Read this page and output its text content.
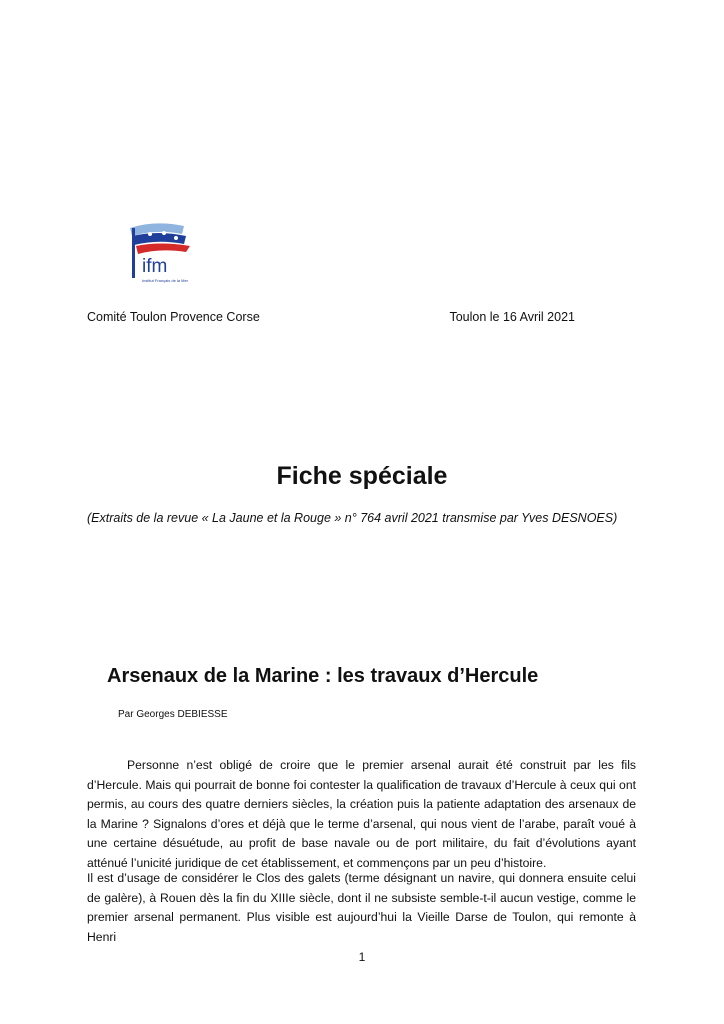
ifm
Institut Français de la Mer
Comité Toulon Provence Corse	Toulon le 16 Avril 2021
Fiche spéciale
(Extraits de la revue « La Jaune et la Rouge » n° 764 avril 2021 transmise par Yves DESNOES)
Arsenaux de la Marine : les travaux d’Hercule
Par Georges DEBIESSE
Personne n’est obligé de croire que le premier arsenal aurait été construit par les fils d’Hercule. Mais qui pourrait de bonne foi contester la qualification de travaux d’Hercule à ceux qui ont permis, au cours des quatre derniers siècles, la création puis la patiente adaptation des arsenaux de la Marine ? Signalons d’ores et déjà que le terme d’arsenal, qui nous vient de l’arabe, paraît voué à une certaine désuétude, au profit de base navale ou de port militaire, du fait d’évolutions ayant atténué l’unicité juridique de cet établissement, et commençons par un peu d’histoire.
Il est d’usage de considérer le Clos des galets (terme désignant un navire, qui donnera ensuite celui de galère), à Rouen dès la fin du XIIIe siècle, dont il ne subsiste semble-t-il aucun vestige, comme le premier arsenal permanent. Plus visible est aujourd’hui la Vieille Darse de Toulon, qui remonte à Henri
1
